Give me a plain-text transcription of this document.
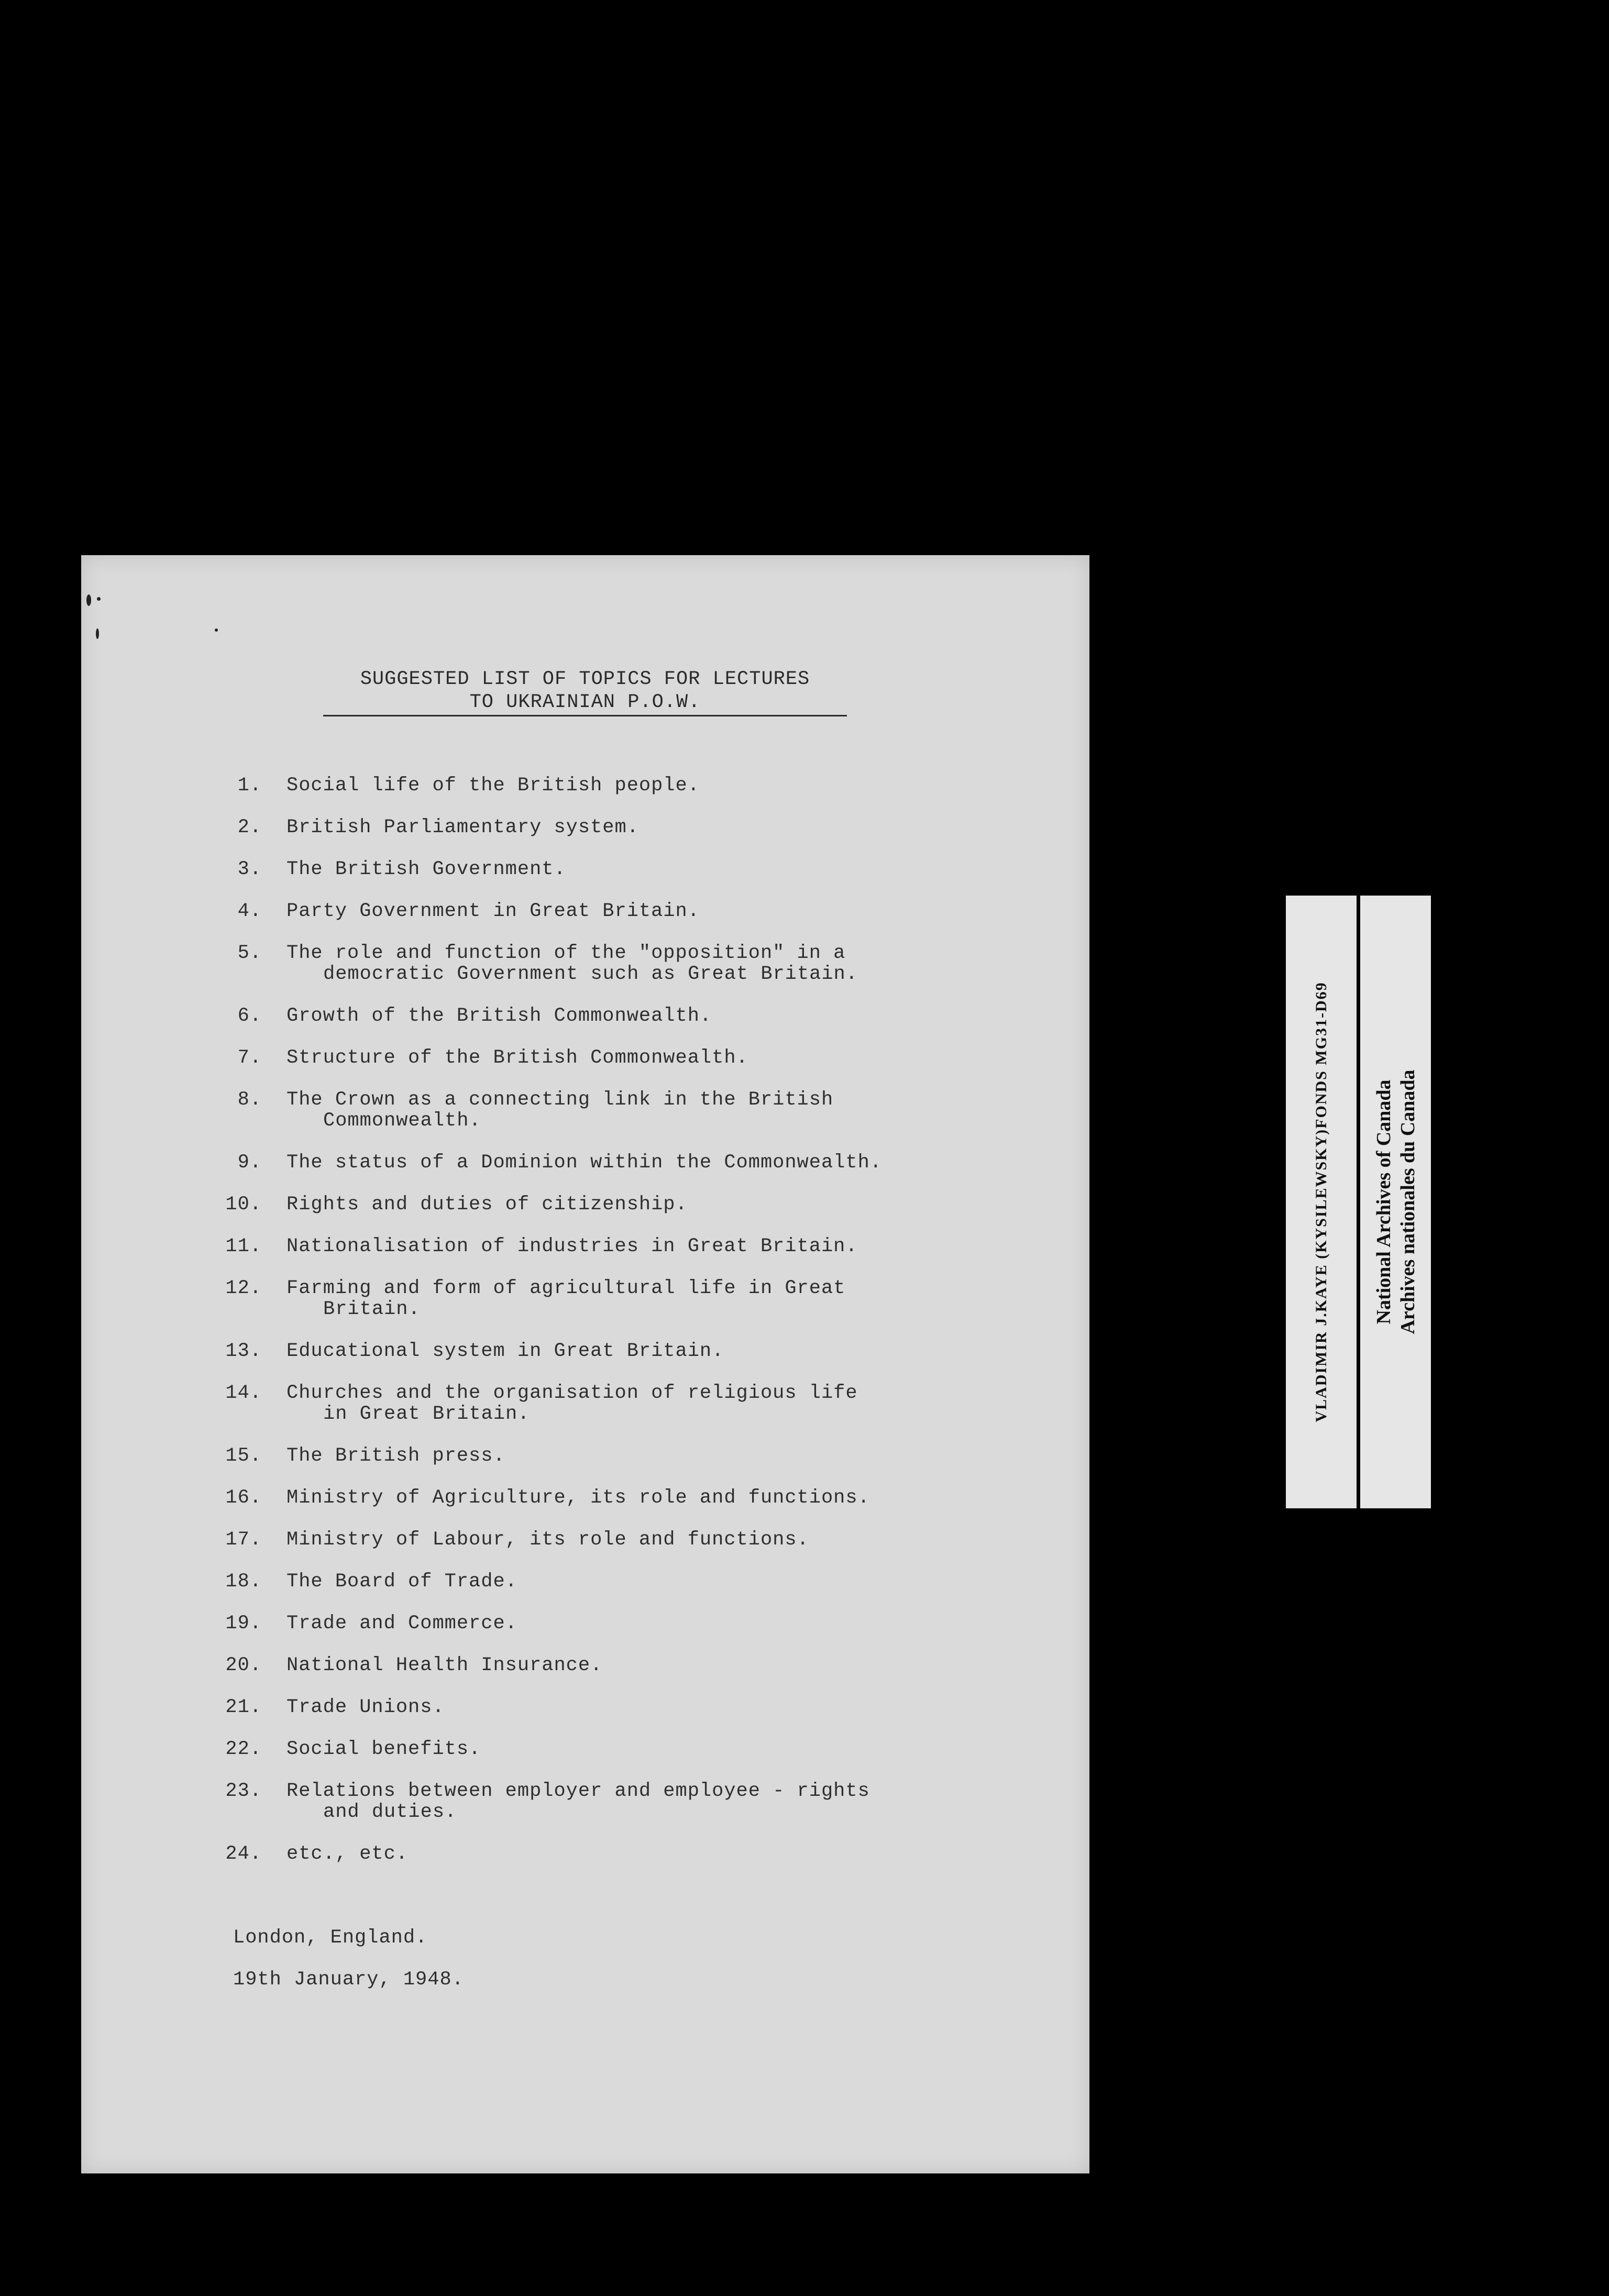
SUGGESTED LIST OF TOPICS FOR LECTURES
TO UKRAINIAN P.O.W.
1. Social life of the British people.
2. British Parliamentary system.
3. The British Government.
4. Party Government in Great Britain.
5. The role and function of the "opposition" in a
democratic Government such as Great Britain.
6. Growth of the British Commonwealth.
7. Structure of the British Commonwealth.
8. The Crown as a connecting link in the British
Commonwealth.
9. The status of a Dominion within the Commonwealth.
10. Rights and duties of citizenship.
11. Nationalisation of industries in Great Britain.
12. Farming and form of agricultural life in Great
Britain.
13. Educational system in Great Britain.
14. Churches and the organisation of religious life
in Great Britain.
15. The British press.
16. Ministry of Agriculture, its role and functions.
17. Ministry of Labour, its role and functions.
18. The Board of Trade.
19. Trade and Commerce.
20. National Health Insurance.
21. Trade Unions.
22. Social benefits.
23. Relations between employer and employee - rights
and duties.
24. etc., etc.
London, England.
19th January, 1948.
VLADIMIR J.KAYE (KYSILEWSKY)FONDS MG31-D69 National Archives of Canada Archives nationales du Canada
